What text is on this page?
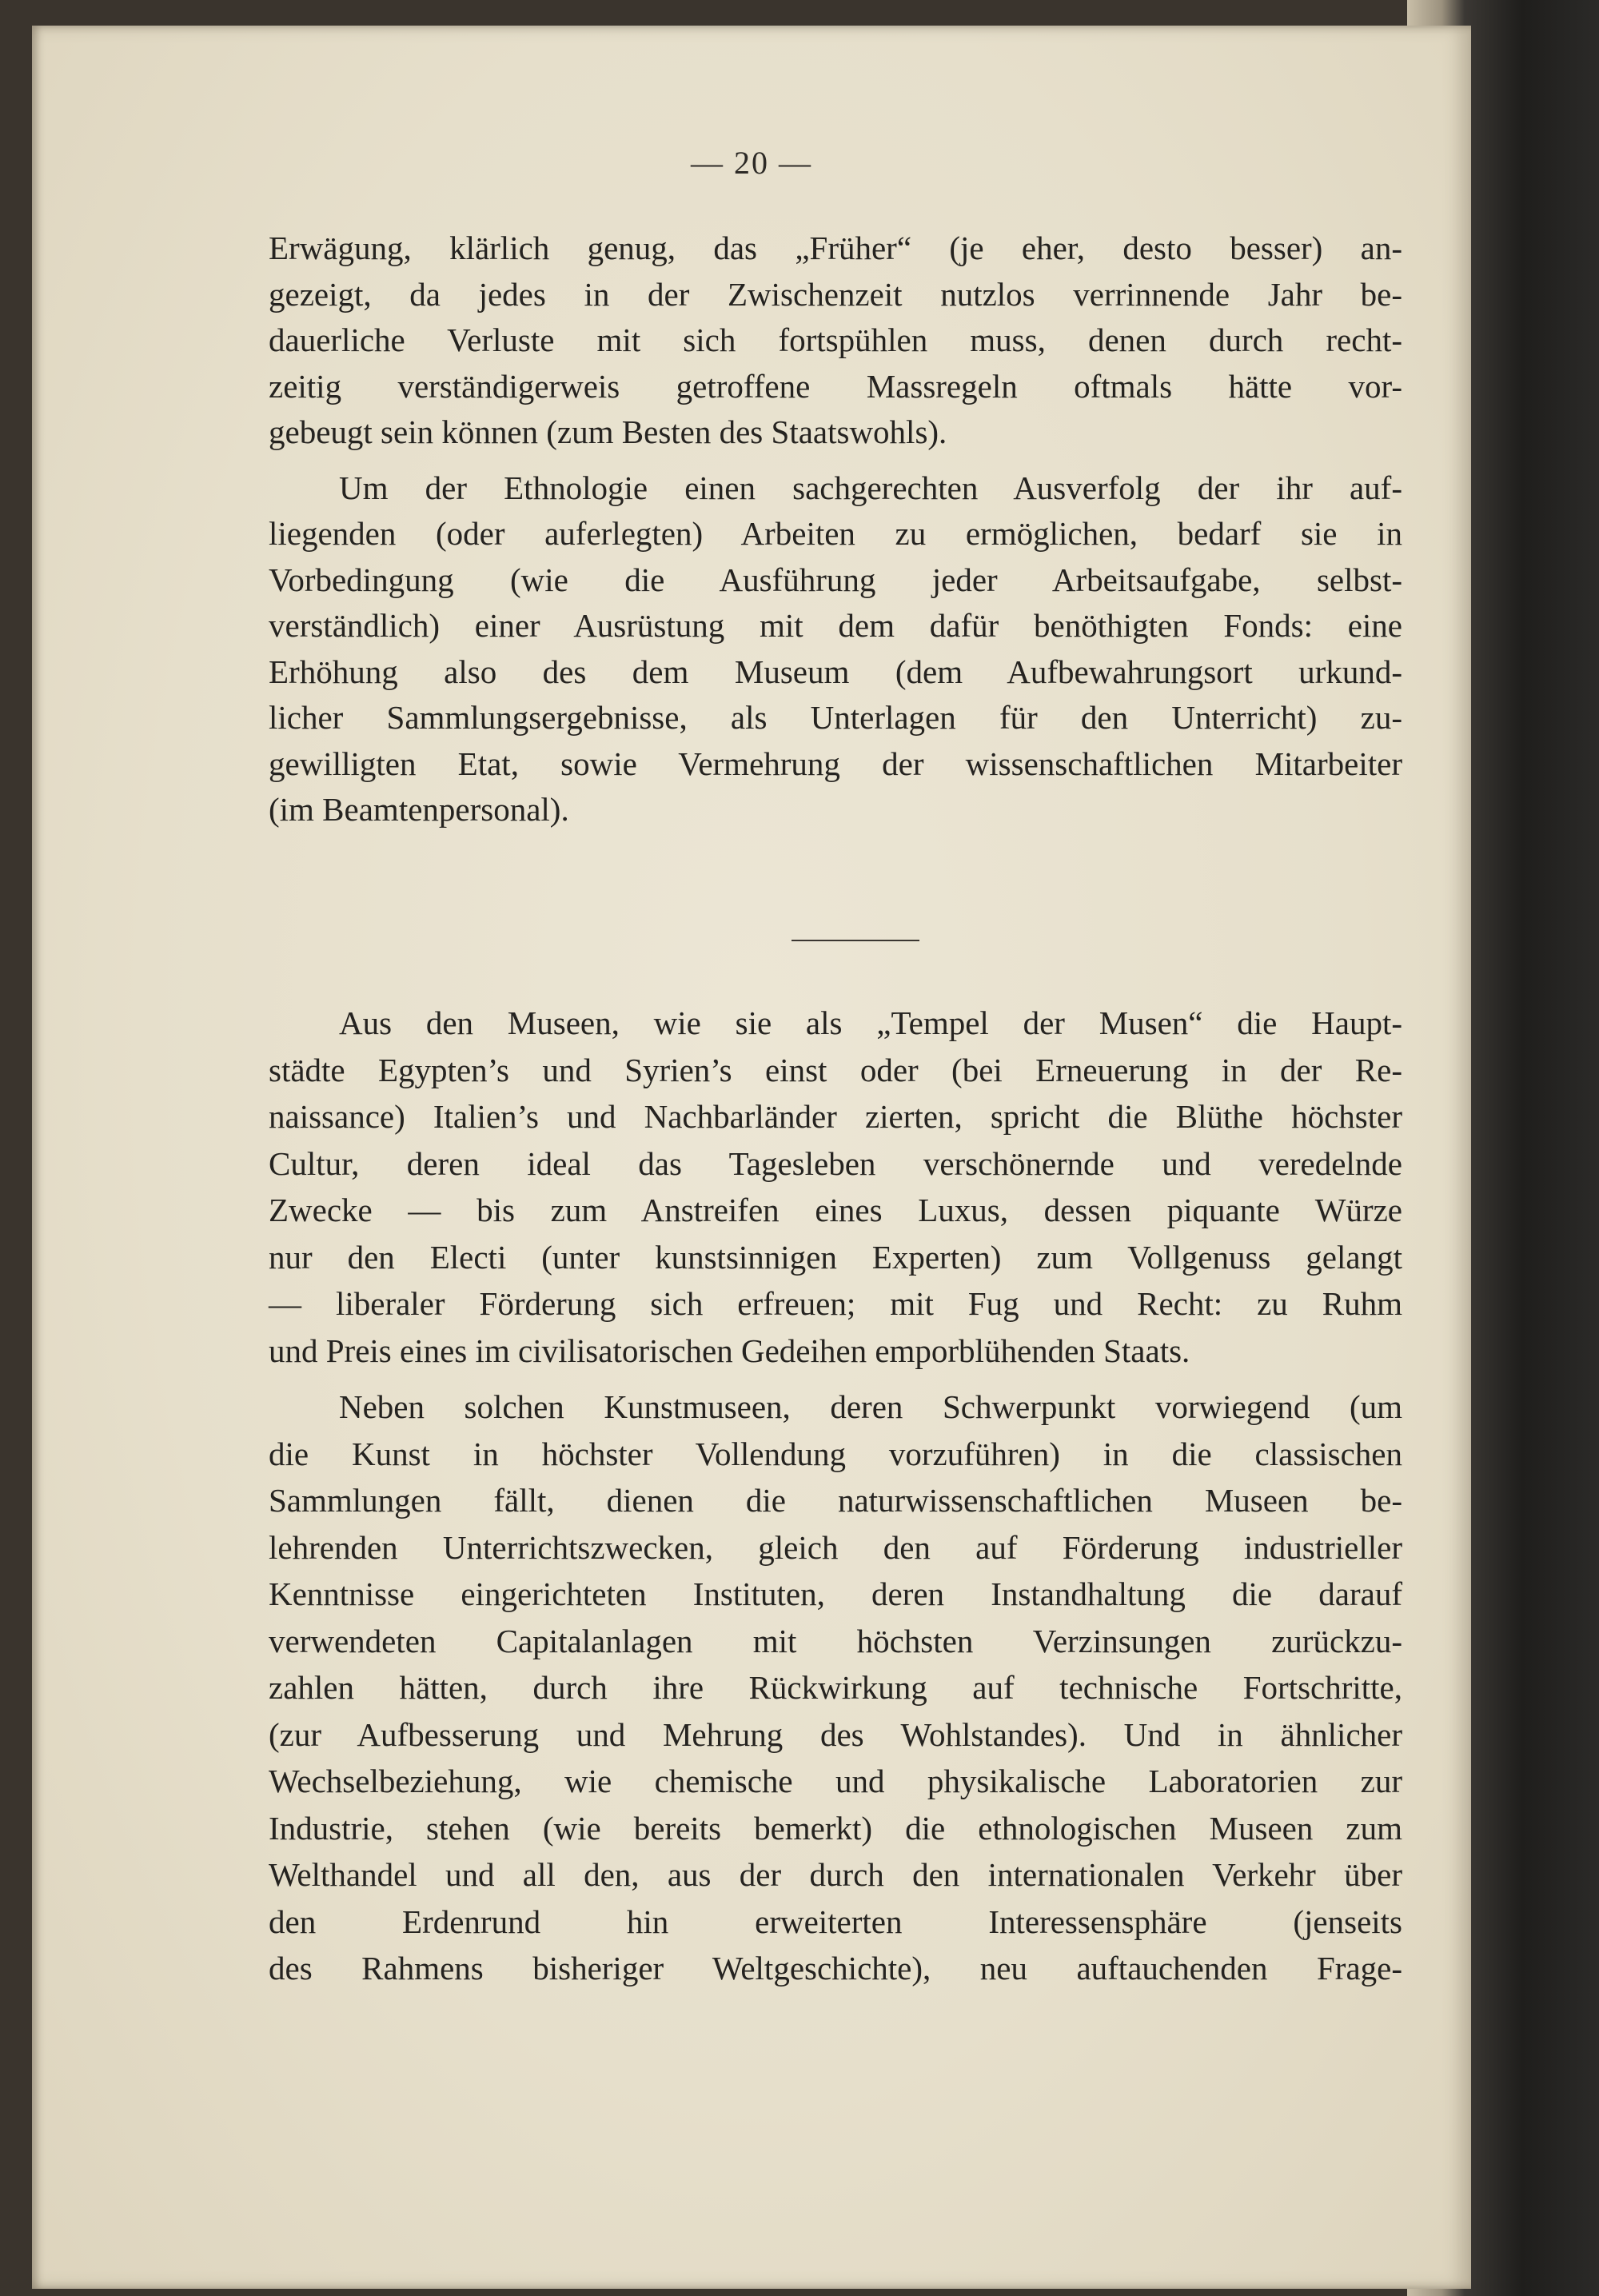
— 20 —

Erwägung, klärlich genug, das „Früher“ (je eher, desto besser) an-
gezeigt, da jedes in der Zwischenzeit nutzlos verrinnende Jahr be-
dauerliche Verluste mit sich fortspühlen muss, denen durch recht-
zeitig verständigerweis getroffene Massregeln oftmals hätte vor-
gebeugt sein können (zum Besten des Staatswohls).

Um der Ethnologie einen sachgerechten Ausverfolg der ihr auf-
liegenden (oder auferlegten) Arbeiten zu ermöglichen, bedarf sie in
Vorbedingung (wie die Ausführung jeder Arbeitsaufgabe, selbst-
verständlich) einer Ausrüstung mit dem dafür benöthigten Fonds: eine
Erhöhung also des dem Museum (dem Aufbewahrungsort urkund-
licher Sammlungsergebnisse, als Unterlagen für den Unterricht) zu-
gewilligten Etat, sowie Vermehrung der wissenschaftlichen Mitarbeiter
(im Beamtenpersonal).

Aus den Museen, wie sie als „Tempel der Musen“ die Haupt-
städte Egypten’s und Syrien’s einst oder (bei Erneuerung in der Re-
naissance) Italien’s und Nachbarländer zierten, spricht die Blüthe höchster
Cultur, deren ideal das Tagesleben verschönernde und veredelnde
Zwecke — bis zum Anstreifen eines Luxus, dessen piquante Würze
nur den Electi (unter kunstsinnigen Experten) zum Vollgenuss gelangt
— liberaler Förderung sich erfreuen; mit Fug und Recht: zu Ruhm
und Preis eines im civilisatorischen Gedeihen emporblühenden Staats.

Neben solchen Kunstmuseen, deren Schwerpunkt vorwiegend (um
die Kunst in höchster Vollendung vorzuführen) in die classischen
Sammlungen fällt, dienen die naturwissenschaftlichen Museen be-
lehrenden Unterrichtszwecken, gleich den auf Förderung industrieller
Kenntnisse eingerichteten Instituten, deren Instandhaltung die darauf
verwendeten Capitalanlagen mit höchsten Verzinsungen zurückzu-
zahlen hätten, durch ihre Rückwirkung auf technische Fortschritte,
(zur Aufbesserung und Mehrung des Wohlstandes). Und in ähnlicher
Wechselbeziehung, wie chemische und physikalische Laboratorien zur
Industrie, stehen (wie bereits bemerkt) die ethnologischen Museen zum
Welthandel und all den, aus der durch den internationalen Verkehr über
den Erdenrund hin erweiterten Interessensphäre (jenseits
des Rahmens bisheriger Weltgeschichte), neu auftauchenden Frage-
